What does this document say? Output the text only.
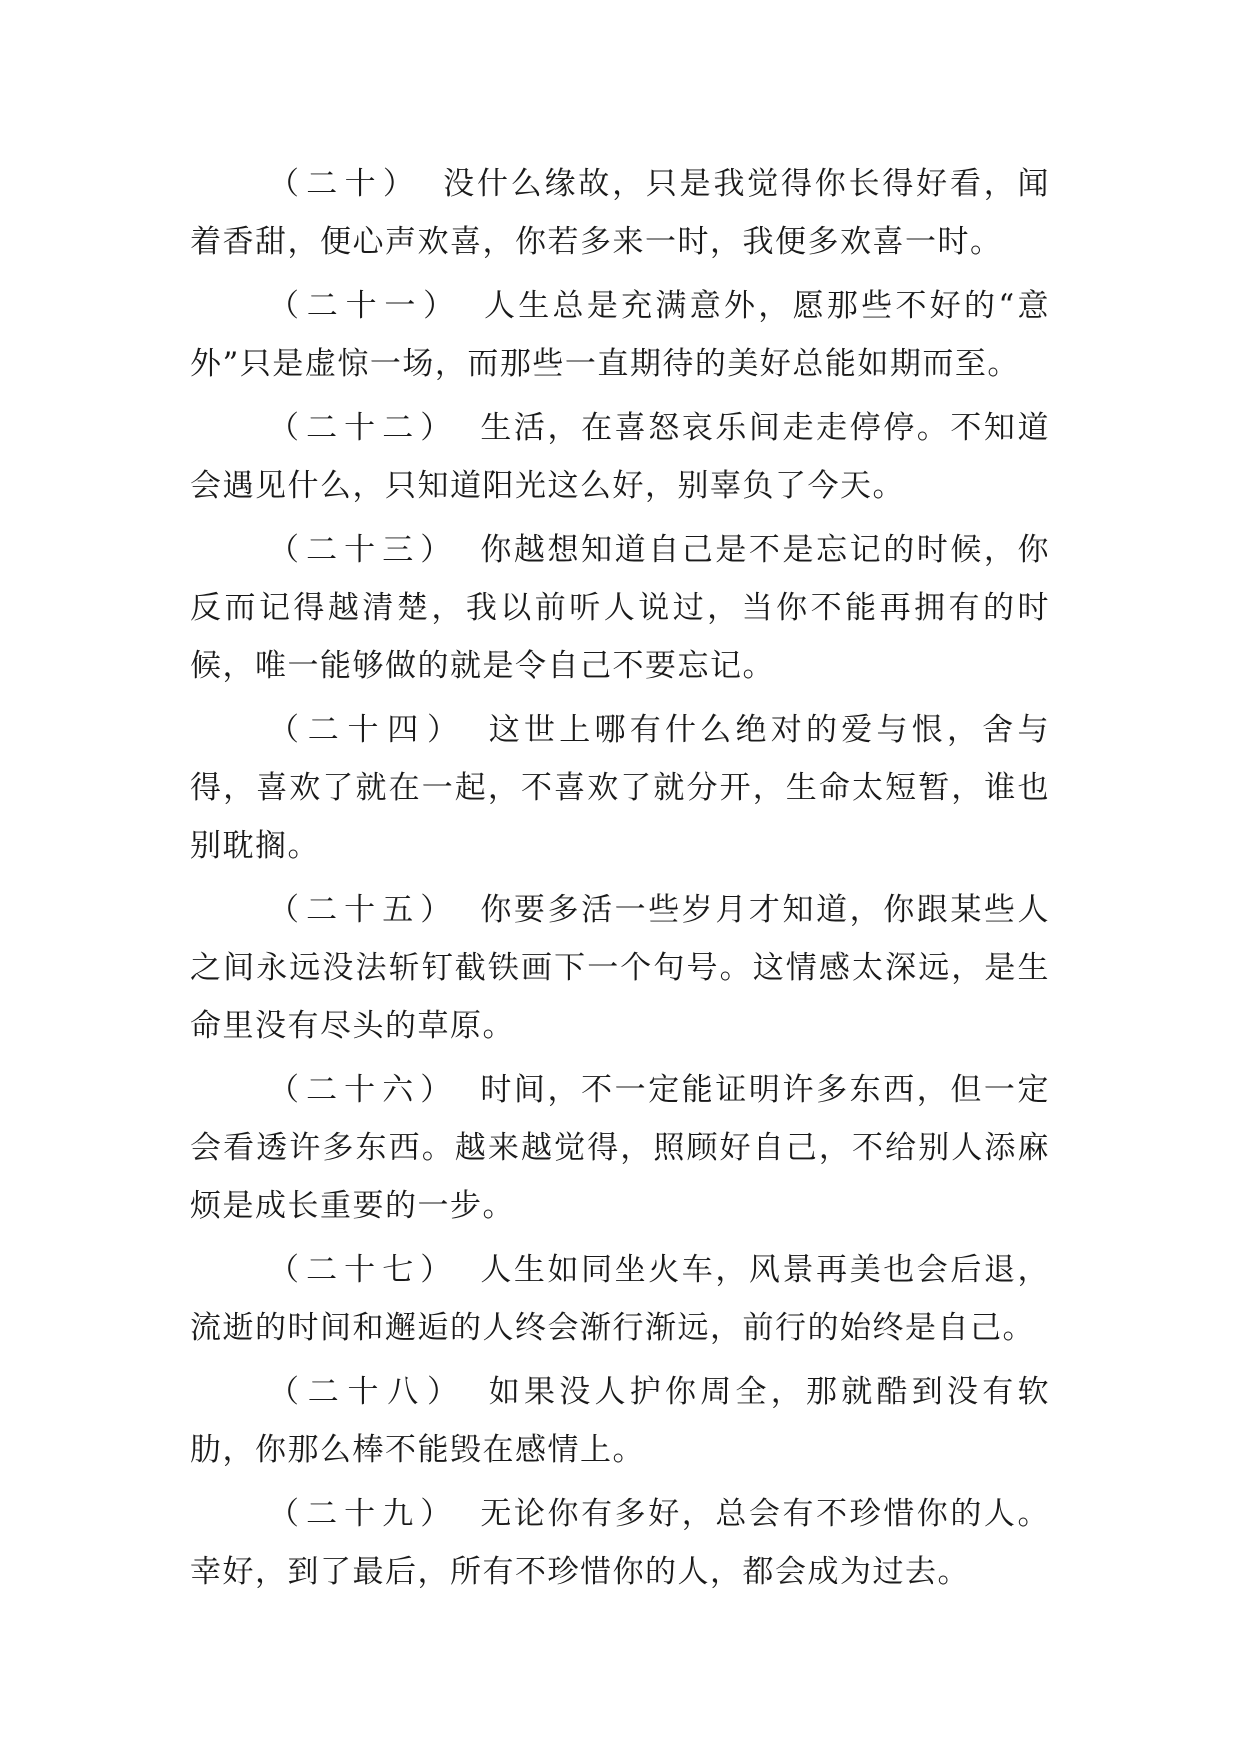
（二十） 没什么缘故，只是我觉得你长得好看，闻着香甜，便心声欢喜，你若多来一时，我便多欢喜一时。

（二十一） 人生总是充满意外，愿那些不好的“意外”只是虚惊一场，而那些一直期待的美好总能如期而至。

（二十二） 生活，在喜怒哀乐间走走停停。不知道会遇见什么，只知道阳光这么好，别辜负了今天。

（二十三） 你越想知道自己是不是忘记的时候，你反而记得越清楚，我以前听人说过，当你不能再拥有的时候，唯一能够做的就是令自己不要忘记。

（二十四） 这世上哪有什么绝对的爱与恨，舍与得，喜欢了就在一起，不喜欢了就分开，生命太短暂，谁也别耽搁。

（二十五） 你要多活一些岁月才知道，你跟某些人之间永远没法斩钉截铁画下一个句号。这情感太深远，是生命里没有尽头的草原。

（二十六） 时间，不一定能证明许多东西，但一定会看透许多东西。越来越觉得，照顾好自己，不给别人添麻烦是成长重要的一步。

（二十七） 人生如同坐火车，风景再美也会后退，流逝的时间和邂逅的人终会渐行渐远，前行的始终是自己。

（二十八） 如果没人护你周全，那就酷到没有软肋，你那么棒不能毁在感情上。

（二十九） 无论你有多好，总会有不珍惜你的人。幸好，到了最后，所有不珍惜你的人，都会成为过去。
